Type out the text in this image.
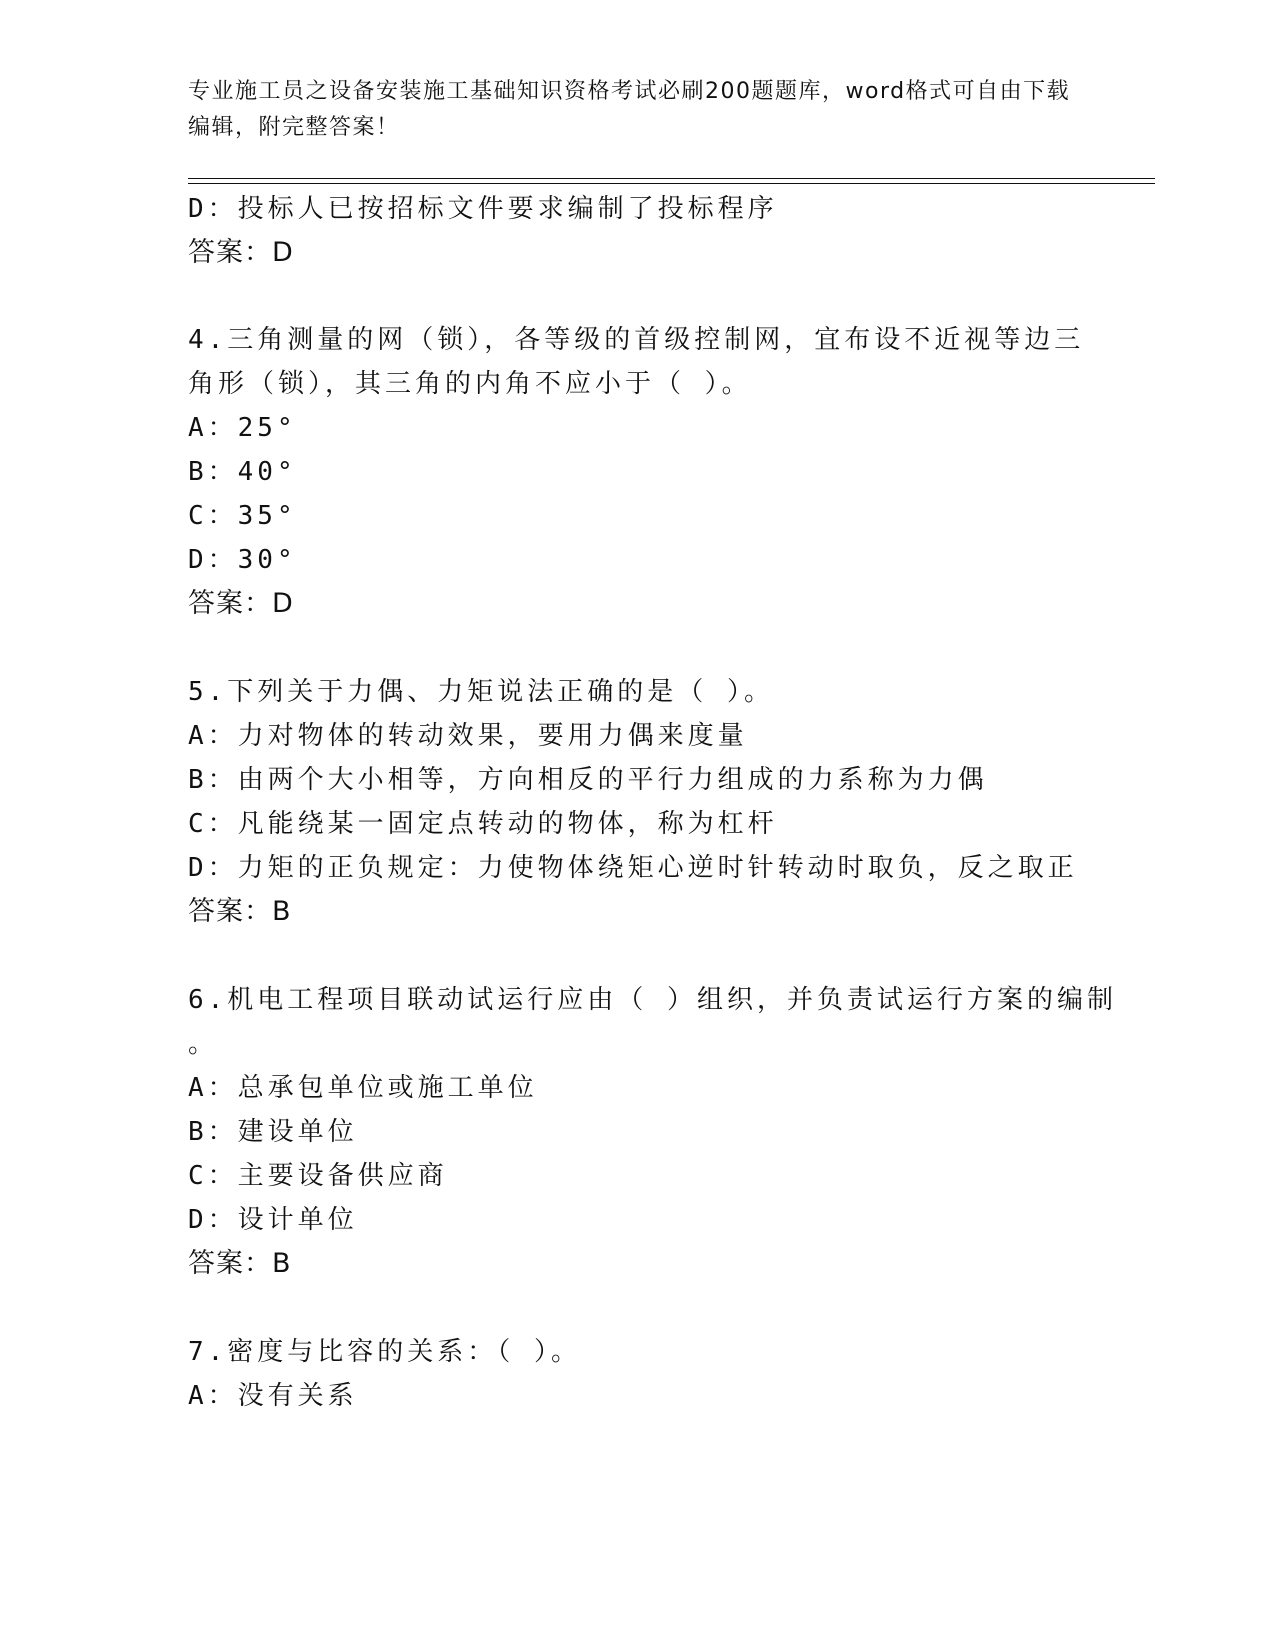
专业施工员之设备安装施工基础知识资格考试必刷200题题库，word格式可自由下载编辑，附完整答案！
D：投标人已按招标文件要求编制了投标程序
答案：D
4.三角测量的网（锁），各等级的首级控制网，宜布设不近视等边三
角形（锁），其三角的内角不应小于（ ）。
A：25°
B：40°
C：35°
D：30°
答案：D
5.下列关于力偶、力矩说法正确的是（ ）。
A：力对物体的转动效果，要用力偶来度量
B：由两个大小相等，方向相反的平行力组成的力系称为力偶
C：凡能绕某一固定点转动的物体，称为杠杆
D：力矩的正负规定：力使物体绕矩心逆时针转动时取负，反之取正
答案：B
6.机电工程项目联动试运行应由（ ）组织，并负责试运行方案的编制
。
A：总承包单位或施工单位
B：建设单位
C：主要设备供应商
D：设计单位
答案：B
7.密度与比容的关系：（ ）。
A：没有关系
